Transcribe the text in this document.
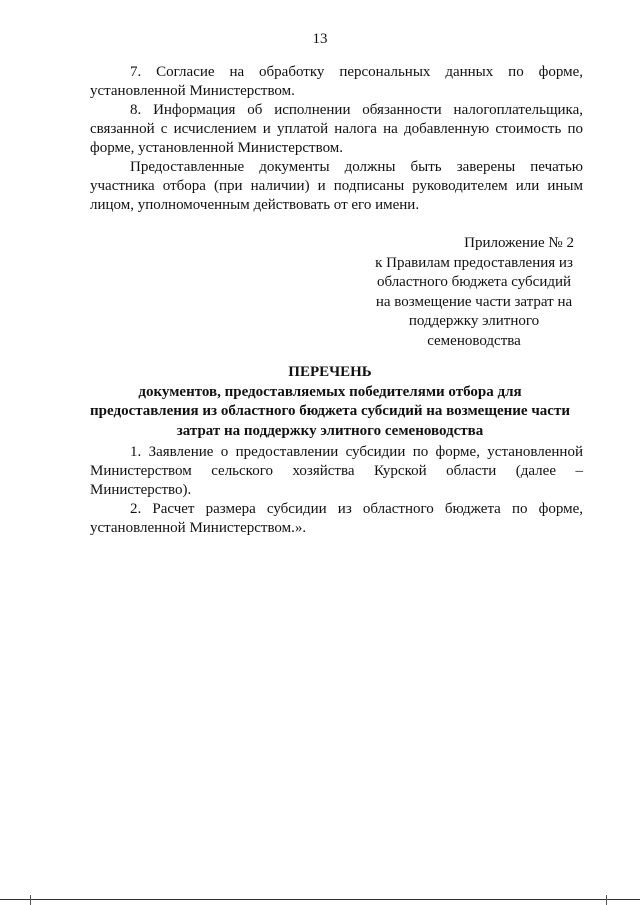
13

7. Согласие на обработку персональных данных по форме, установленной Министерством.

8. Информация об исполнении обязанности налогоплательщика, связанной с исчислением и уплатой налога на добавленную стоимость по форме, установленной Министерством.

Предоставленные документы должны быть заверены печатью участника отбора (при наличии) и подписаны руководителем или иным лицом, уполномоченным действовать от его имени.

Приложение № 2
к Правилам предоставления из
областного бюджета субсидий
на возмещение части затрат на
поддержку элитного
семеноводства
ПЕРЕЧЕНЬ
документов, предоставляемых победителями отбора для
предоставления из областного бюджета субсидий на возмещение части
затрат на поддержку элитного семеноводства

1. Заявление о предоставлении субсидии по форме, установленной Министерством сельского хозяйства Курской области (далее – Министерство).

2. Расчет размера субсидии из областного бюджета по форме, установленной Министерством.».
